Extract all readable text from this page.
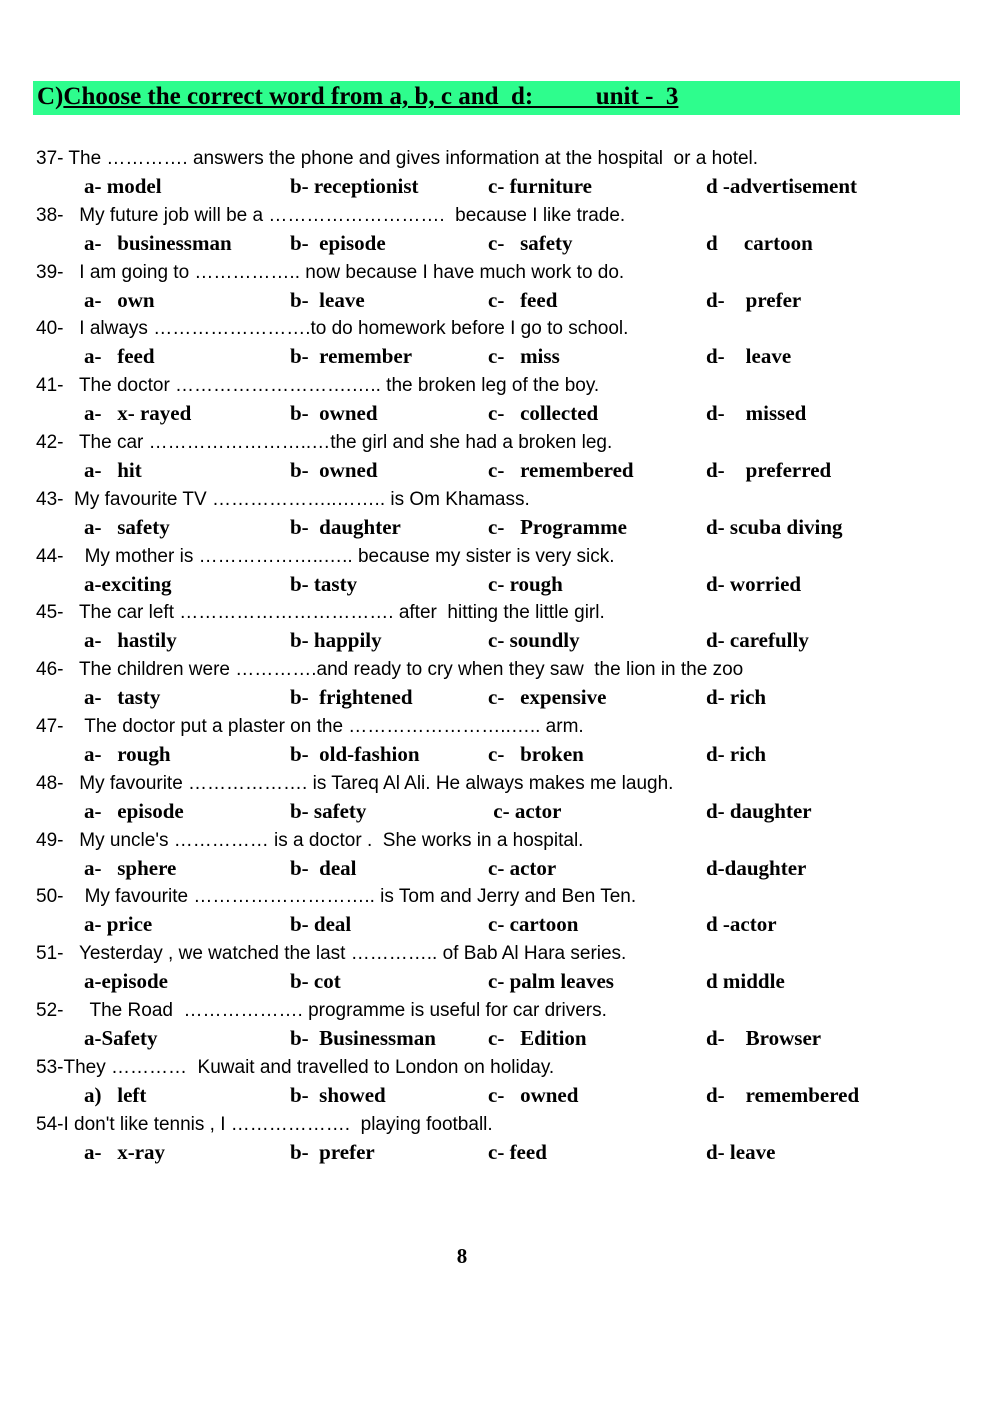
C)Choose the correct word from a, b, c and  d:          unit -  3
37- The …………. answers the phone and gives information at the hospital  or a hotel.
a- model	b- receptionist	c- furniture	d -advertisement
38-   My future job will be a ……………………….  because I like trade.
a-   businessman	b-  episode	c-   safety	d     cartoon
39-   I am going to …………….. now because I have much work to do.
a-   own	b-  leave	c-   feed	d-    prefer
40-   I always …………………….to do homework before I go to school.
a-   feed	b-  remember	c-   miss	d-    leave
41-   The doctor ……………………….….. the broken leg of the boy.
a-   x- rayed	b-  owned	c-   collected	d-    missed
42-   The car ……………………..…the girl and she had a broken leg.
a-   hit	b-  owned	c-   remembered	d-    preferred
43-  My favourite TV ………………..…….. is Om Khamass.
a-   safety	b-  daughter	c-   Programme	d- scuba diving
44-    My mother is ………………..….. because my sister is very sick.
a-exciting	b- tasty	c- rough	d- worried
45-   The car left ……………………………. after  hitting the little girl.
a-   hastily	b- happily	c- soundly	d- carefully
46-   The children were ………….and ready to cry when they saw  the lion in the zoo
a-   tasty	b-  frightened	c-   expensive	d- rich
47-    The doctor put a plaster on the ……………………..….. arm.
a-   rough	b-  old-fashion	c-   broken	d- rich
48-   My favourite ………………. is Tareq Al Ali. He always makes me laugh.
a-   episode	b- safety	c- actor	d- daughter
49-   My uncle's …………… is a doctor .  She works in a hospital.
a-   sphere	b-  deal	c- actor	d-daughter
50-    My favourite ……………………….. is Tom and Jerry and Ben Ten.
a- price	b- deal	c- cartoon	d -actor
51-   Yesterday , we watched the last ………….. of Bab Al Hara series.
a-episode	b- cot	c- palm leaves	d middle
52-     The Road  ………………. programme is useful for car drivers.
a-Safety	b-  Businessman c-   Edition	d-    Browser
53-They …………  Kuwait and travelled to London on holiday.
a)   left	b-  showed	c-   owned	d-    remembered
54-I don't like tennis , I ……………….  playing football.
a-   x-ray	b-  prefer	c- feed	d- leave
8
